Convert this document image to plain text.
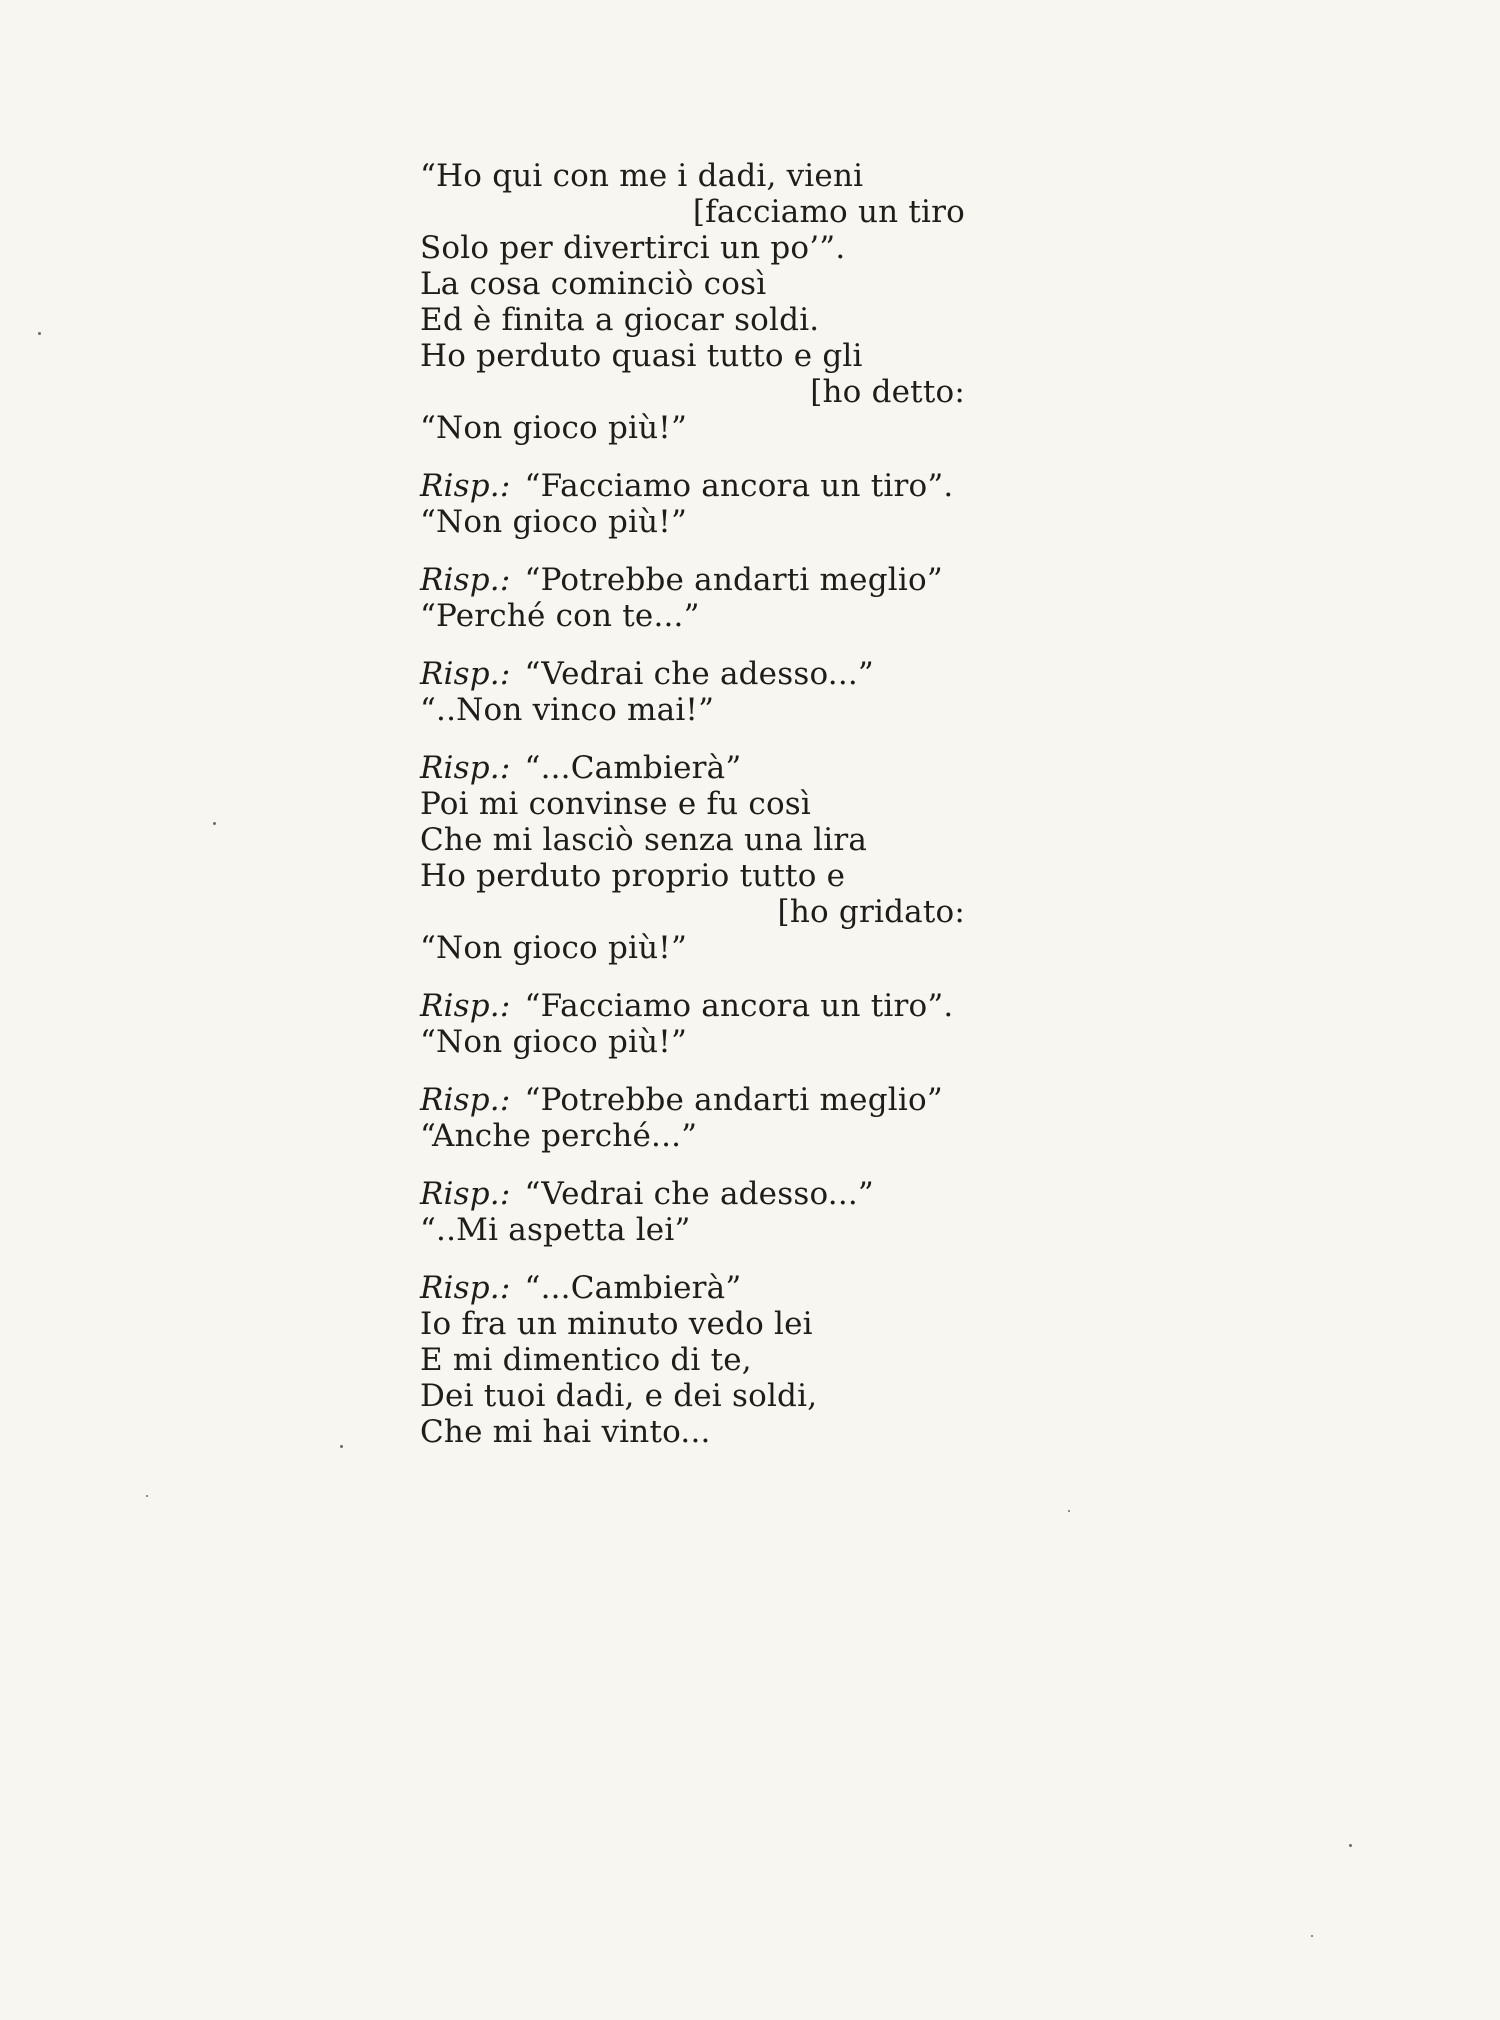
“Ho qui con me i dadi, vieni
[facciamo un tiro
Solo per divertirci un po’”.
La cosa cominciò così
Ed è finita a giocar soldi.
Ho perduto quasi tutto e gli
[ho detto:
“Non gioco più!”
Risp.: “Facciamo ancora un tiro”.
“Non gioco più!”
Risp.: “Potrebbe andarti meglio”
“Perché con te...”
Risp.: “Vedrai che adesso...”
“..Non vinco mai!”
Risp.: “...Cambierà”
Poi mi convinse e fu così
Che mi lasciò senza una lira
Ho perduto proprio tutto e
[ho gridato:
“Non gioco più!”
Risp.: “Facciamo ancora un tiro”.
“Non gioco più!”
Risp.: “Potrebbe andarti meglio”
“Anche perché...”
Risp.: “Vedrai che adesso...”
“..Mi aspetta lei”
Risp.: “...Cambierà”
Io fra un minuto vedo lei
E mi dimentico di te,
Dei tuoi dadi, e dei soldi,
Che mi hai vinto...
